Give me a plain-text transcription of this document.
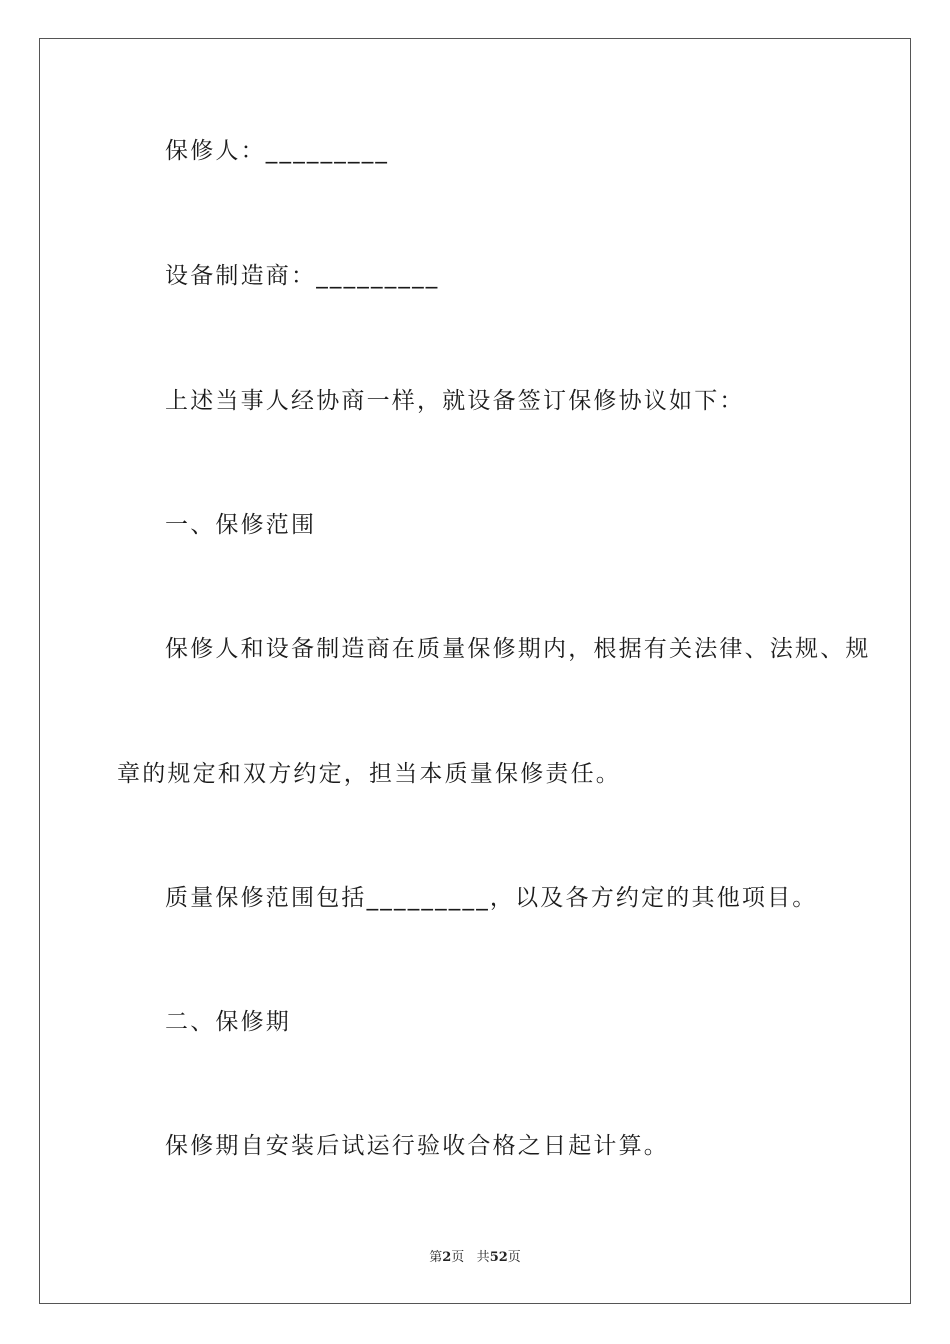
保修人：_________
设备制造商：_________
上述当事人经协商一样，就设备签订保修协议如下：
一、保修范围
保修人和设备制造商在质量保修期内，根据有关法律、法规、规
章的规定和双方约定，担当本质量保修责任。
质量保修范围包括_________，以及各方约定的其他项目。
二、保修期
保修期自安装后试运行验收合格之日起计算。
第2页 共52页
